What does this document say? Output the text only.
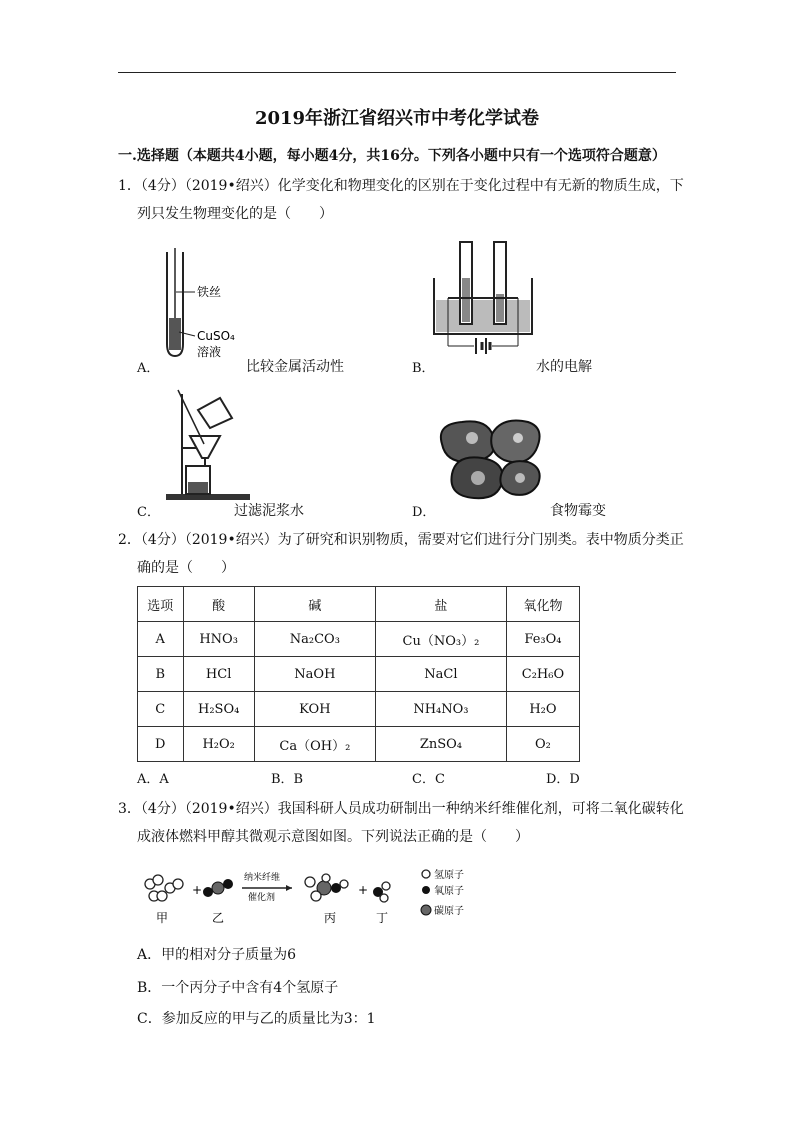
2019年浙江省绍兴市中考化学试卷
一.选择题（本题共4小题，每小题4分，共16分。下列各小题中只有一个选项符合题意）
1．（4分）（2019•绍兴）化学变化和物理变化的区别在于变化过程中有无新的物质生成，下
列只发生物理变化的是（　　）
铁丝
CuSO₄
溶液
A．	比较金属活动性	B．	水的电解
C．	过滤泥浆水	D．	食物霉变
2．（4分）（2019•绍兴）为了研究和识别物质，需要对它们进行分门别类。表中物质分类正
确的是（　　）
选项	酸	碱	盐	氧化物
A	HNO₃	Na₂CO₃	Cu（NO₃）₂	Fe₃O₄
B	HCl	NaOH	NaCl	C₂H₆O
C	H₂SO₄	KOH	NH₄NO₃	H₂O
D	H₂O₂	Ca（OH）₂	ZnSO₄	O₂
A．A	B．B	C．C	D．D
3．（4分）（2019•绍兴）我国科研人员成功研制出一种纳米纤维催化剂，可将二氧化碳转化
成液体燃料甲醇其微观示意图如图。下列说法正确的是（　　）
甲
+
乙
纳米纤维
催化剂
丙
+
丁
氢原子
氧原子
碳原子
A．甲的相对分子质量为6
B．一个丙分子中含有4个氢原子
C．参加反应的甲与乙的质量比为3：1
